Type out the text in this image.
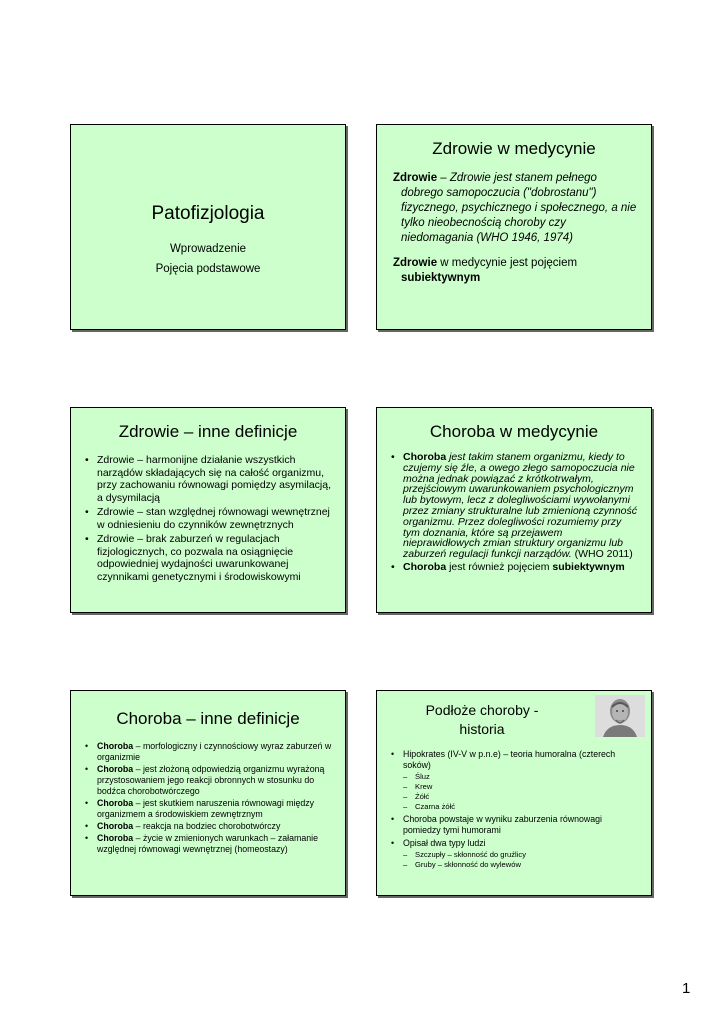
Patofizjologia
Wprowadzenie
Pojęcia podstawowe
Zdrowie w medycynie

Zdrowie – Zdrowie jest stanem pełnego dobrego samopoczucia ("dobrostanu") fizycznego, psychicznego i społecznego, a nie tylko nieobecnością choroby czy niedomagania (WHO 1946, 1974)

Zdrowie w medycynie jest pojęciem subiektywnym

Zdrowie – inne definicje
• Zdrowie – harmonijne działanie wszystkich narządów składających się na całość organizmu, przy zachowaniu równowagi pomiędzy asymilacją, a dysymilacją
• Zdrowie – stan względnej równowagi wewnętrznej w odniesieniu do czynników zewnętrznych
• Zdrowie – brak zaburzeń w regulacjach fizjologicznych, co pozwala na osiągnięcie odpowiedniej wydajności uwarunkowanej czynnikami genetycznymi i środowiskowymi
Choroba w medycynie
• Choroba jest takim stanem organizmu, kiedy to czujemy się źle, a owego złego samopoczucia nie można jednak powiązać z krótkotrwałym, przejściowym uwarunkowaniem psychologicznym lub bytowym, lecz z dolegliwościami wywołanymi przez zmiany strukturalne lub zmienioną czynność organizmu. Przez dolegliwości rozumiemy przy tym doznania, które są przejawem nieprawidłowych zmian struktury organizmu lub zaburzeń regulacji funkcji narządów. (WHO 2011)
• Choroba jest również pojęciem subiektywnym
Choroba – inne definicje
• Choroba – morfologiczny i czynnościowy wyraz zaburzeń w organizmie
• Choroba – jest złożoną odpowiedzią organizmu wyrażoną przystosowaniem jego reakcji obronnych w stosunku do bodźca chorobotwórczego
• Choroba – jest skutkiem naruszenia równowagi między organizmem a środowiskiem zewnętrznym
• Choroba – reakcja na bodziec chorobotwórczy
• Choroba – życie w zmienionych warunkach – załamanie względnej równowagi wewnętrznej (homeostazy)
Podłoże choroby -
historia
• Hipokrates (IV-V w p.n.e) – teoria humoralna (czterech soków)
– Śluz
– Krew
– Żółć
– Czarna żółć
• Choroba powstaje w wyniku zaburzenia równowagi pomiedzy tymi humorami
• Opisał dwa typy ludzi
– Szczupły – skłonność do gruźlicy
– Gruby – skłonność do wylewów
1
